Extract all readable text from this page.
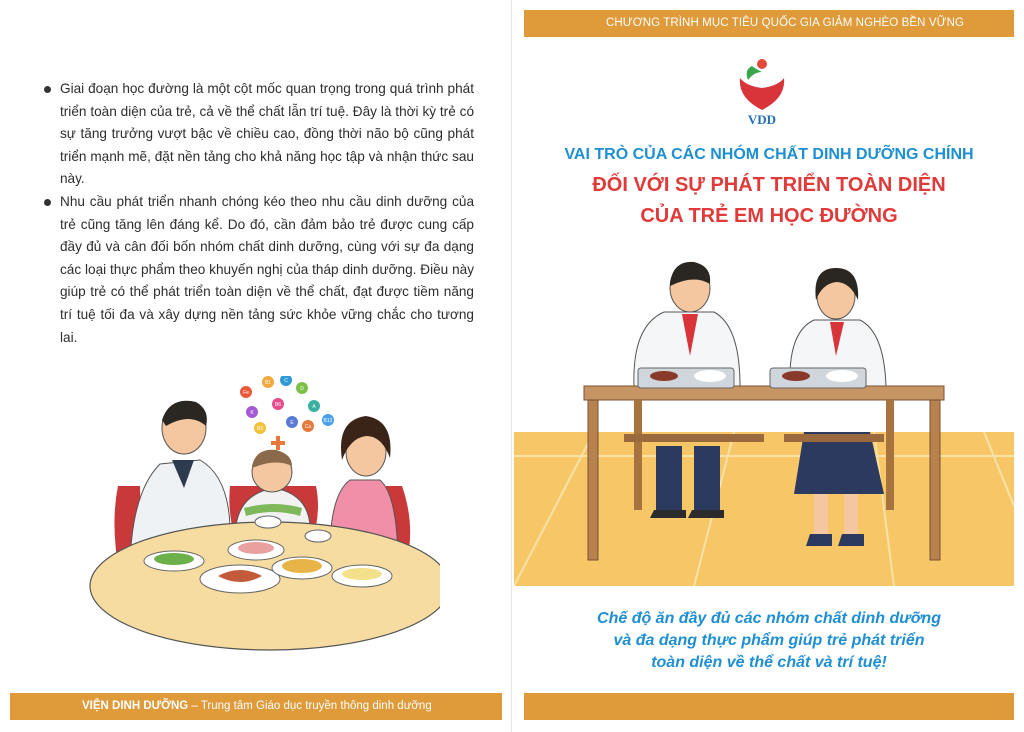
CHƯƠNG TRÌNH MỤC TIÊU QUỐC GIA GIẢM NGHÈO BỀN VỮNG
Giai đoạn học đường là một cột mốc quan trọng trong quá trình phát triển toàn diện của trẻ, cả về thể chất lẫn trí tuệ. Đây là thời kỳ trẻ có sự tăng trưởng vượt bậc về chiều cao, đồng thời não bộ cũng phát triển mạnh mẽ, đặt nền tảng cho khả năng học tập và nhận thức sau này.
Nhu cầu phát triển nhanh chóng kéo theo nhu cầu dinh dưỡng của trẻ cũng tăng lên đáng kể. Do đó, cần đảm bảo trẻ được cung cấp đầy đủ và cân đối bốn nhóm chất dinh dưỡng, cùng với sự đa dạng các loại thực phẩm theo khuyến nghị của tháp dinh dưỡng. Điều này giúp trẻ có thể phát triển toàn diện về thể chất, đạt được tiềm năng trí tuệ tối đa và xây dựng nền tảng sức khỏe vững chắc cho tương lai.
Fe
B1	C
D
K
B6	A
B2
E
Ca
B12
VDD
VAI TRÒ CỦA CÁC NHÓM CHẤT DINH DƯỠNG CHÍNH
ĐỐI VỚI SỰ PHÁT TRIỂN TOÀN DIỆN
CỦA TRẺ EM HỌC ĐƯỜNG
Chế độ ăn đầy đủ các nhóm chất dinh dưỡng
và đa dạng thực phẩm giúp trẻ phát triển
toàn diện về thể chất và trí tuệ!
VIỆN DINH DƯỠNG – Trung tâm Giáo dục truyền thông dinh dưỡng
